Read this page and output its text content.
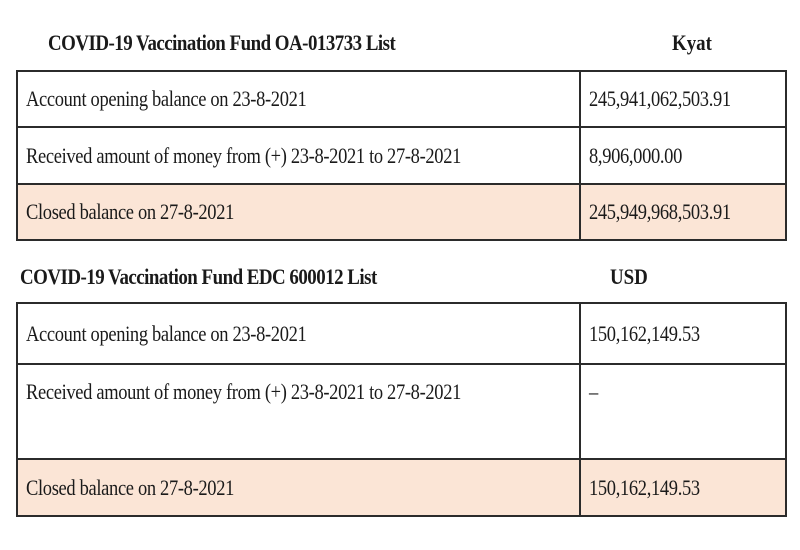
COVID-19 Vaccination Fund OA-013733 List	Kyat
Account opening balance on 23-8-2021	245,941,062,503.91
Received amount of money from (+) 23-8-2021 to 27-8-2021	8,906,000.00
Closed balance on 27-8-2021	245,949,968,503.91
COVID-19 Vaccination Fund EDC 600012 List	USD
Account opening balance on 23-8-2021	150,162,149.53
Received amount of money from (+) 23-8-2021 to 27-8-2021	–
Closed balance on 27-8-2021	150,162,149.53
